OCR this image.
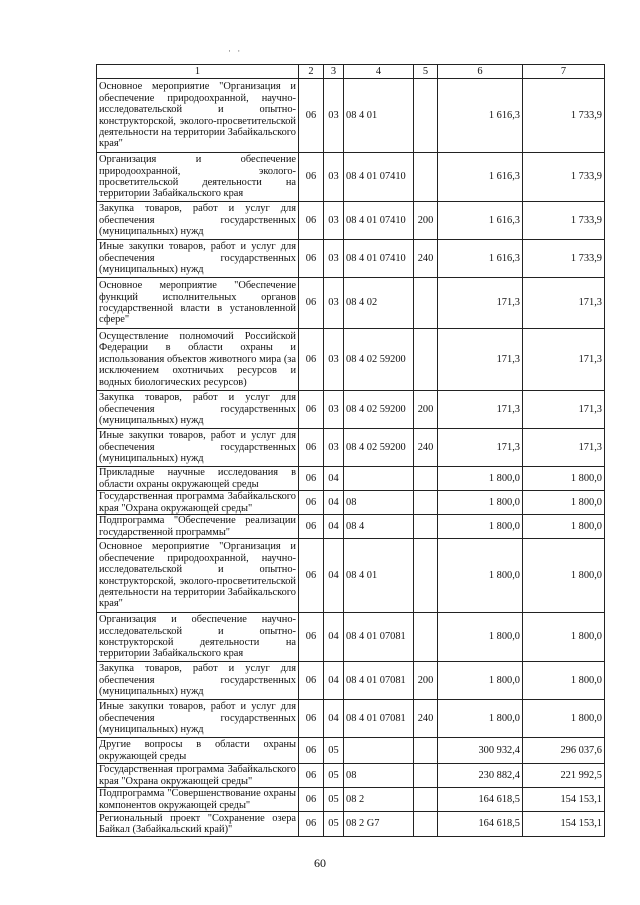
· ·
1	2	3	4	5	6	7
Основное мероприятие "Организация и обеспечение природоохранной, научно-исследовательской и опытно- конструкторской, эколого-просветительской деятельности на территории Забайкальского края"	06	03	08 4 01		1 616,3	1 733,9
Организация и обеспечение природоохранной, эколого-просветительской деятельности на территории Забайкальского края	06	03	08 4 01 07410		1 616,3	1 733,9
Закупка товаров, работ и услуг для обеспечения государственных (муниципальных) нужд	06	03	08 4 01 07410	200	1 616,3	1 733,9
Иные закупки товаров, работ и услуг для обеспечения государственных (муниципальных) нужд	06	03	08 4 01 07410	240	1 616,3	1 733,9
Основное мероприятие "Обеспечение функций исполнительных органов государственной власти в установленной сфере"	06	03	08 4 02		171,3	171,3
Осуществление полномочий Российской Федерации в области охраны и использования объектов животного мира (за исключением охотничьих ресурсов и водных биологических ресурсов)	06	03	08 4 02 59200		171,3	171,3
Закупка товаров, работ и услуг для обеспечения государственных (муниципальных) нужд	06	03	08 4 02 59200	200	171,3	171,3
Иные закупки товаров, работ и услуг для обеспечения государственных (муниципальных) нужд	06	03	08 4 02 59200	240	171,3	171,3
Прикладные научные исследования в области охраны окружающей среды	06	04			1 800,0	1 800,0
Государственная программа Забайкальского края "Охрана окружающей среды"	06	04	08		1 800,0	1 800,0
Подпрограмма "Обеспечение реализации государственной программы"	06	04	08 4		1 800,0	1 800,0
Основное мероприятие "Организация и обеспечение природоохранной, научно-исследовательской и опытно- конструкторской, эколого-просветительской деятельности на территории Забайкальского края"	06	04	08 4 01		1 800,0	1 800,0
Организация и обеспечение научно-исследовательской и опытно-конструкторской деятельности на территории Забайкальского края	06	04	08 4 01 07081		1 800,0	1 800,0
Закупка товаров, работ и услуг для обеспечения государственных (муниципальных) нужд	06	04	08 4 01 07081	200	1 800,0	1 800,0
Иные закупки товаров, работ и услуг для обеспечения государственных (муниципальных) нужд	06	04	08 4 01 07081	240	1 800,0	1 800,0
Другие вопросы в области охраны окружающей среды	06	05			300 932,4	296 037,6
Государственная программа Забайкальского края "Охрана окружающей среды"	06	05	08		230 882,4	221 992,5
Подпрограмма "Совершенствование охраны компонентов окружающей среды"	06	05	08 2		164 618,5	154 153,1
Региональный проект "Сохранение озера Байкал (Забайкальский край)"	06	05	08 2 G7		164 618,5	154 153,1
60
